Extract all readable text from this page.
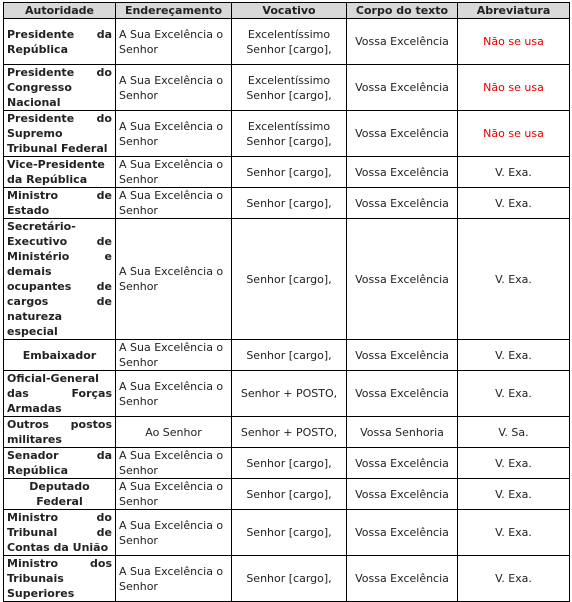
Autoridade	Endereçamento	Vocativo	Corpo do texto	Abreviatura
Presidente da República	A Sua Excelência o Senhor	Excelentíssimo Senhor [cargo],	Vossa Excelência	Não se usa
Presidente do Congresso Nacional	A Sua Excelência o Senhor	Excelentíssimo Senhor [cargo],	Vossa Excelência	Não se usa
Presidente do Supremo Tribunal Federal	A Sua Excelência o Senhor	Excelentíssimo Senhor [cargo],	Vossa Excelência	Não se usa
Vice-Presidente da República	A Sua Excelência o Senhor	Senhor [cargo],	Vossa Excelência	V. Exa.
Ministro de Estado	A Sua Excelência o Senhor	Senhor [cargo],	Vossa Excelência	V. Exa.
Secretário-Executivo de Ministério e demais ocupantes de cargos de natureza especial	A Sua Excelência o Senhor	Senhor [cargo],	Vossa Excelência	V. Exa.
Embaixador	A Sua Excelência o Senhor	Senhor [cargo],	Vossa Excelência	V. Exa.
Oficial-General das Forças Armadas	A Sua Excelência o Senhor	Senhor + POSTO,	Vossa Excelência	V. Exa.
Outros postos militares	Ao Senhor	Senhor + POSTO,	Vossa Senhoria	V. Sa.
Senador da República	A Sua Excelência o Senhor	Senhor [cargo],	Vossa Excelência	V. Exa.
Deputado Federal	A Sua Excelência o Senhor	Senhor [cargo],	Vossa Excelência	V. Exa.
Ministro do Tribunal de Contas da União	A Sua Excelência o Senhor	Senhor [cargo],	Vossa Excelência	V. Exa.
Ministro dos Tribunais Superiores	A Sua Excelência o Senhor	Senhor [cargo],	Vossa Excelência	V. Exa.
